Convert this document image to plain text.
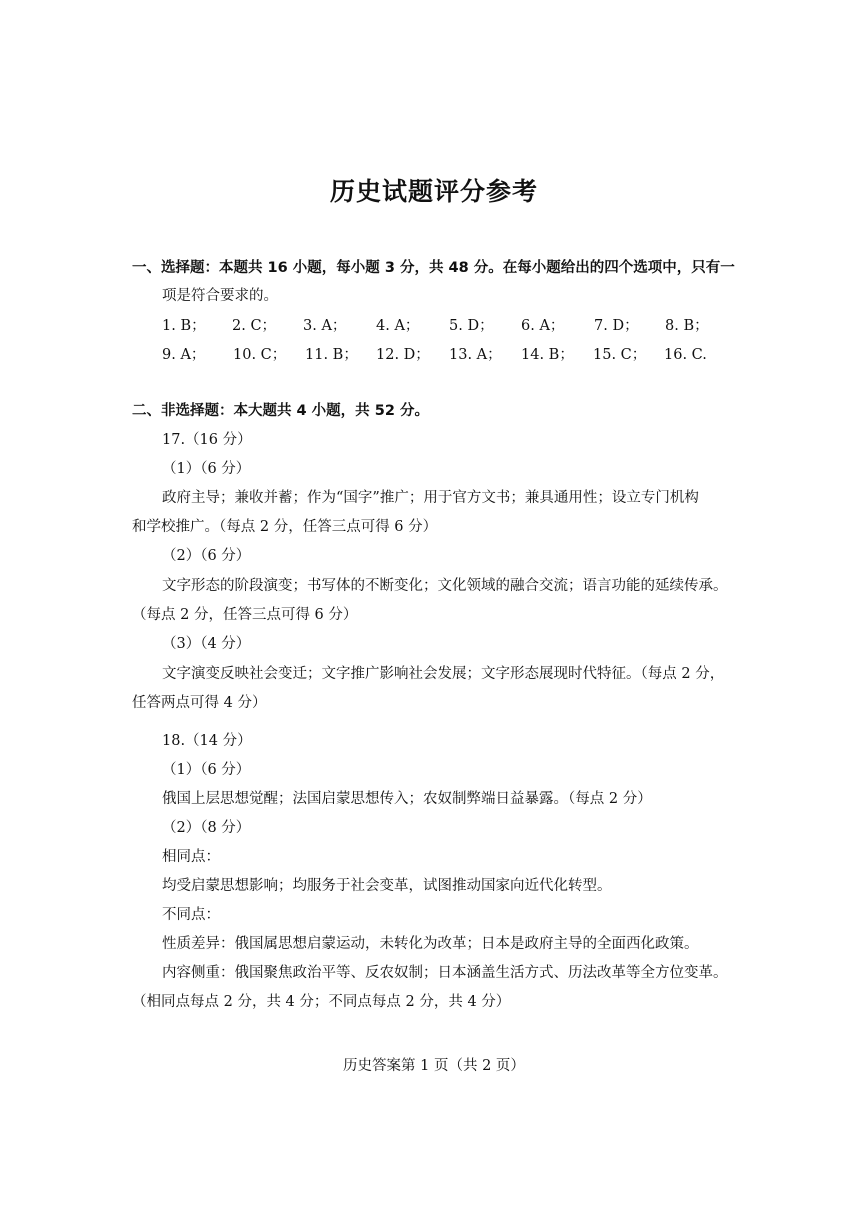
历史试题评分参考
一、选择题：本题共 16 小题，每小题 3 分，共 48 分。在每小题给出的四个选项中，只有一
项是符合要求的。
1. B； 2. C； 3. A； 4. A； 5. D； 6. A； 7. D； 8. B；
9. A； 10. C； 11. B； 12. D； 13. A； 14. B； 15. C； 16. C.
二、非选择题：本大题共 4 小题，共 52 分。
17.（16 分）
（1）（6 分）
政府主导；兼收并蓄；作为“国字”推广；用于官方文书；兼具通用性；设立专门机构
和学校推广。（每点 2 分，任答三点可得 6 分）
（2）（6 分）
文字形态的阶段演变；书写体的不断变化；文化领域的融合交流；语言功能的延续传承。
（每点 2 分，任答三点可得 6 分）
（3）（4 分）
文字演变反映社会变迁；文字推广影响社会发展；文字形态展现时代特征。（每点 2 分，
任答两点可得 4 分）
18.（14 分）
（1）（6 分）
俄国上层思想觉醒；法国启蒙思想传入；农奴制弊端日益暴露。（每点 2 分）
（2）（8 分）
相同点：
均受启蒙思想影响；均服务于社会变革，试图推动国家向近代化转型。
不同点：
性质差异：俄国属思想启蒙运动，未转化为改革；日本是政府主导的全面西化政策。
内容侧重：俄国聚焦政治平等、反农奴制；日本涵盖生活方式、历法改革等全方位变革。
（相同点每点 2 分，共 4 分；不同点每点 2 分，共 4 分）
历史答案第 1 页（共 2 页）
